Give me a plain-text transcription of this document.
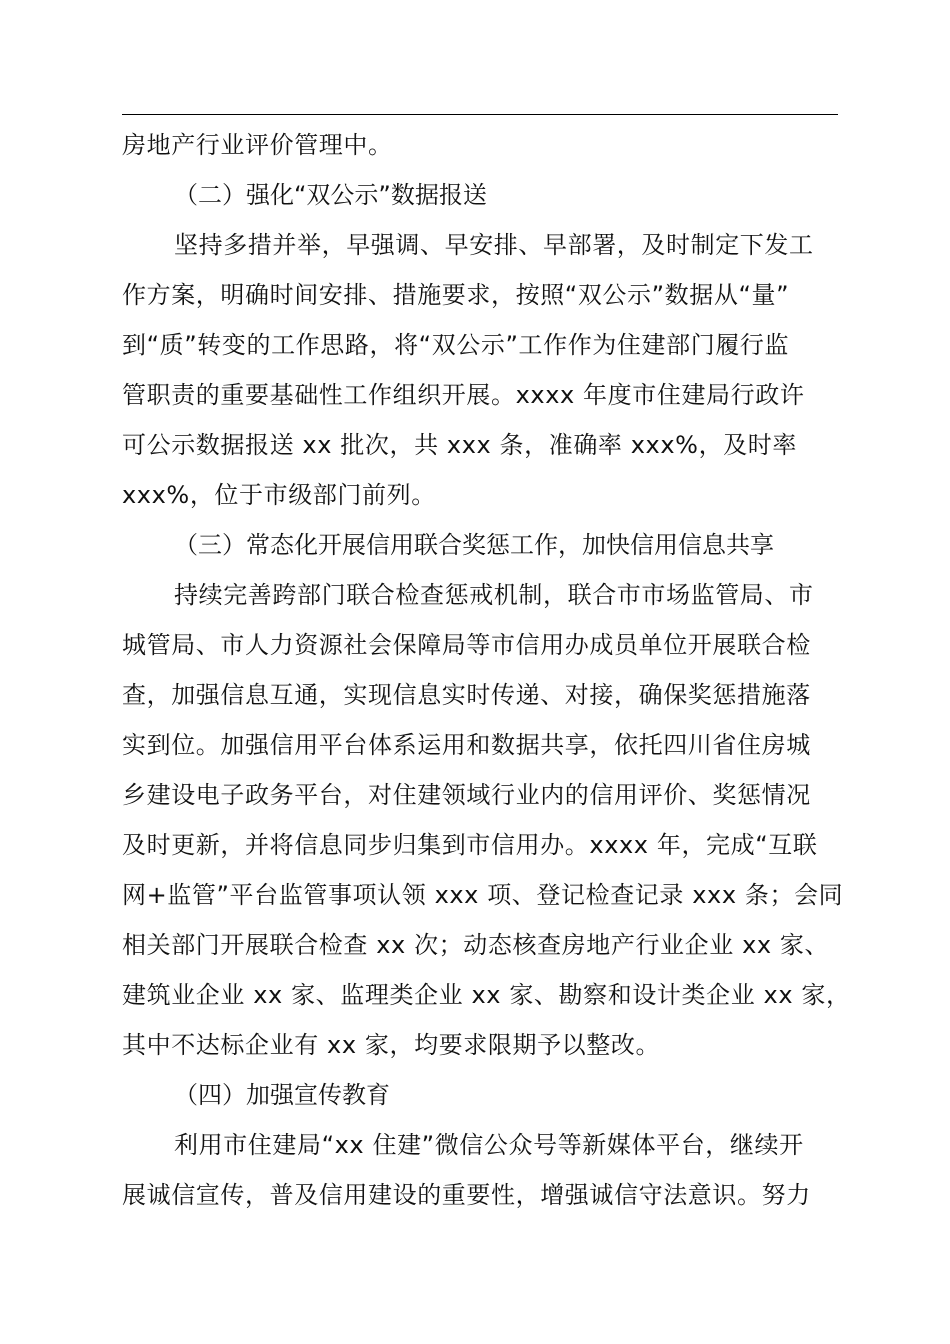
房地产行业评价管理中。
（二）强化“双公示”数据报送
坚持多措并举，早强调、早安排、早部署，及时制定下发工
作方案，明确时间安排、措施要求，按照“双公示”数据从“量”
到“质”转变的工作思路，将“双公示”工作作为住建部门履行监
管职责的重要基础性工作组织开展。xxxx 年度市住建局行政许
可公示数据报送 xx 批次，共 xxx 条，准确率 xxx%，及时率
xxx%，位于市级部门前列。
（三）常态化开展信用联合奖惩工作，加快信用信息共享
持续完善跨部门联合检查惩戒机制，联合市市场监管局、市
城管局、市人力资源社会保障局等市信用办成员单位开展联合检
查，加强信息互通，实现信息实时传递、对接，确保奖惩措施落
实到位。加强信用平台体系运用和数据共享，依托四川省住房城
乡建设电子政务平台，对住建领域行业内的信用评价、奖惩情况
及时更新，并将信息同步归集到市信用办。xxxx 年，完成“互联
网+监管”平台监管事项认领 xxx 项、登记检查记录 xxx 条；会同
相关部门开展联合检查 xx 次；动态核查房地产行业企业 xx 家、
建筑业企业 xx 家、监理类企业 xx 家、勘察和设计类企业 xx 家，
其中不达标企业有 xx 家，均要求限期予以整改。
（四）加强宣传教育
利用市住建局“xx 住建”微信公众号等新媒体平台，继续开
展诚信宣传，普及信用建设的重要性，增强诚信守法意识。努力
